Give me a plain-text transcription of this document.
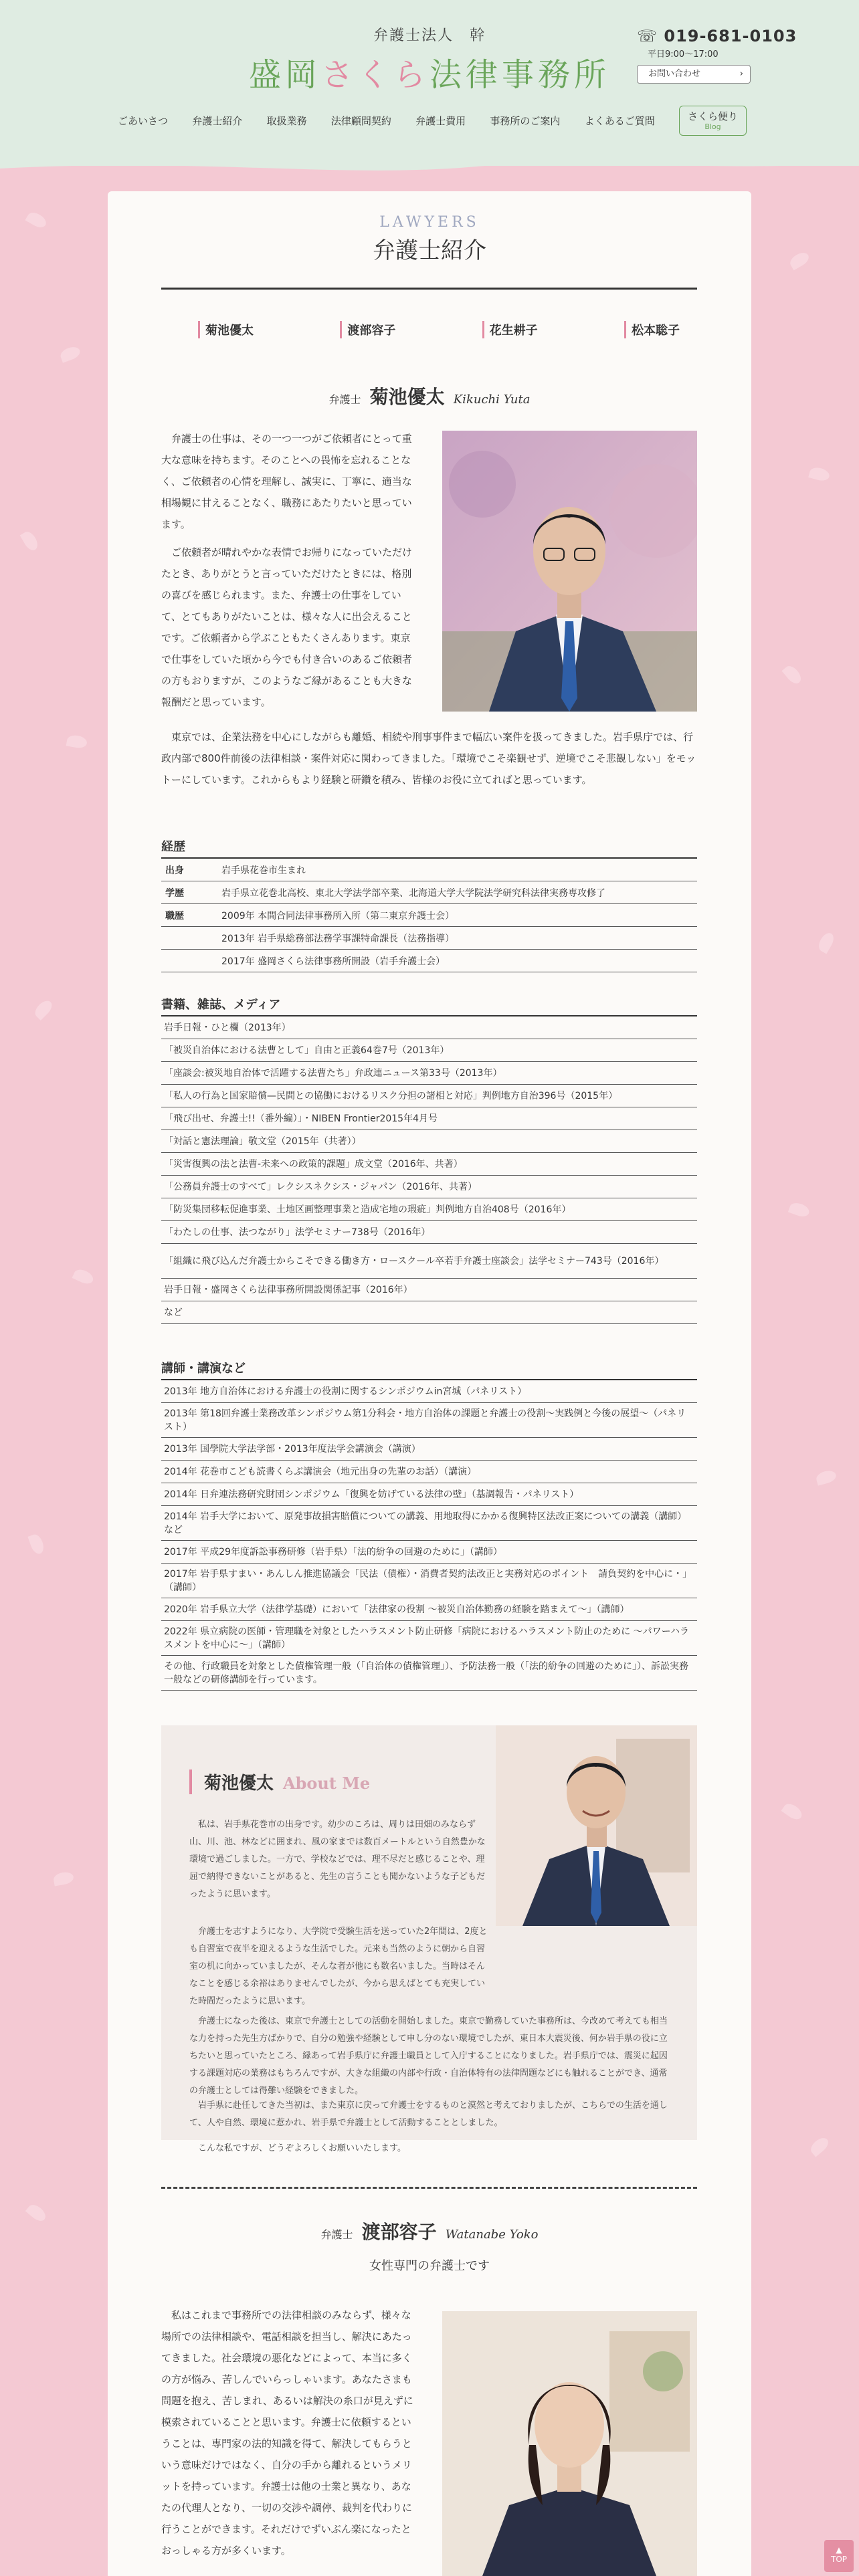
弁護士法人　幹
盛岡さくら法律事務所
☏ 019-681-0103
平日9:00〜17:00
お問い合わせ ›
ごあいさつ 弁護士紹介 取扱業務 法律顧問契約 弁護士費用 事務所のご案内 よくあるご質問	さくら便り
Blog
LAWYERS
弁護士紹介
菊池優太	渡部容子	花生耕子	松本聡子
弁護士 菊池優太 Kikuchi Yuta
弁護士の仕事は、その一つ一つがご依頼者にとって重大な意味を持ちます。そのことへの畏怖を忘れることなく、ご依頼者の心情を理解し、誠実に、丁寧に、適当な相場観に甘えることなく、職務にあたりたいと思っています。
ご依頼者が晴れやかな表情でお帰りになっていただけたとき、ありがとうと言っていただけたときには、格別の喜びを感じられます。また、弁護士の仕事をしていて、とてもありがたいことは、様々な人に出会えることです。ご依頼者から学ぶこともたくさんあります。東京で仕事をしていた頃から今でも付き合いのあるご依頼者の方もおりますが、このようなご縁があることも大きな報酬だと思っています。
東京では、企業法務を中心にしながらも離婚、相続や刑事事件まで幅広い案件を扱ってきました。岩手県庁では、行政内部で800件前後の法律相談・案件対応に関わってきました。「環境でこそ楽観せず、逆境でこそ悲観しない」をモットーにしています。これからもより経験と研鑽を積み、皆様のお役に立てればと思っています。
経歴
出身	岩手県花巻市生まれ
学歴	岩手県立花巻北高校、東北大学法学部卒業、北海道大学大学院法学研究科法律実務専攻修了
職歴	2009年 本間合同法律事務所入所（第二東京弁護士会）
2013年 岩手県総務部法務学事課特命課長（法務指導）
2017年 盛岡さくら法律事務所開設（岩手弁護士会）
書籍、雑誌、メディア
岩手日報・ひと欄（2013年）
「被災自治体における法曹として」自由と正義64巻7号（2013年）
「座談会:被災地自治体で活躍する法曹たち」弁政連ニュース第33号（2013年）
「私人の行為と国家賠償—民間との協働におけるリスク分担の諸相と対応」判例地方自治396号（2015年）
「飛び出せ、弁護士!!（番外編）」・NIBEN Frontier2015年4月号
「対話と憲法理論」敬文堂（2015年（共著））
「災害復興の法と法曹-未来への政策的課題」成文堂（2016年、共著）
「公務員弁護士のすべて」レクシスネクシス・ジャパン（2016年、共著）
「防災集団移転促進事業、土地区画整理事業と造成宅地の瑕疵」判例地方自治408号（2016年）
「わたしの仕事、法つながり」法学セミナー738号（2016年）
「組織に飛び込んだ弁護士からこそできる働き方・ロースクール卒若手弁護士座談会」法学セミナー743号（2016年）
岩手日報・盛岡さくら法律事務所開設関係記事（2016年）
など
講師・講演など
2013年 地方自治体における弁護士の役割に関するシンポジウムin宮城（パネリスト）
2013年 第18回弁護士業務改革シンポジウム第1分科会・地方自治体の課題と弁護士の役割〜実践例と今後の展望〜（パネリスト）
2013年 国學院大学法学部・2013年度法学会講演会（講演）
2014年 花巻市こども読書くらぶ講演会（地元出身の先輩のお話）（講演）
2014年 日弁連法務研究財団シンポジウム「復興を妨げている法律の壁」（基調報告・パネリスト）
2014年 岩手大学において、原発事故損害賠償についての講義、用地取得にかかる復興特区法改正案についての講義（講師）など
2017年 平成29年度訴訟事務研修（岩手県）「法的紛争の回避のために」（講師）
2017年 岩手県すまい・あんしん推進協議会「民法（債権）・消費者契約法改正と実務対応のポイント　請負契約を中心に・」（講師）
2020年 岩手県立大学（法律学基礎）において「法律家の役割 〜被災自治体勤務の経験を踏まえて〜」（講師）
2022年 県立病院の医師・管理職を対象としたハラスメント防止研修「病院におけるハラスメント防止のために 〜パワーハラスメントを中心に〜」（講師）
その他、行政職員を対象とした債権管理一般（「自治体の債権管理」）、予防法務一般（「法的紛争の回避のために」）、訴訟実務一般などの研修講師を行っています。
菊池優太 About Me
私は、岩手県花巻市の出身です。幼少のころは、周りは田畑のみならず山、川、池、林などに囲まれ、風の家までは数百メートルという自然豊かな環境で過ごしました。一方で、学校などでは、理不尽だと感じることや、理屈で納得できないことがあると、先生の言うことも聞かないような子どもだったように思います。
弁護士を志すようになり、大学院で受験生活を送っていた2年間は、2度とも自習室で夜半を迎えるような生活でした。元来も当然のように朝から自習室の机に向かっていましたが、そんな者が他にも数名いました。当時はそんなことを感じる余裕はありませんでしたが、今から思えばとても充実していた時間だったように思います。
弁護士になった後は、東京で弁護士としての活動を開始しました。東京で勤務していた事務所は、今改めて考えても相当な力を持った先生方ばかりで、自分の勉強や経験として申し分のない環境でしたが、東日本大震災後、何か岩手県の役に立ちたいと思っていたところ、縁あって岩手県庁に弁護士職員として入庁することになりました。岩手県庁では、震災に起因する課題対応の業務はもちろんですが、大きな組織の内部や行政・自治体特有の法律問題などにも触れることができ、通常の弁護士としては得難い経験をできました。
岩手県に赴任してきた当初は、また東京に戻って弁護士をするものと漠然と考えておりましたが、こちらでの生活を通して、人や自然、環境に惹かれ、岩手県で弁護士として活動することとしました。
こんな私ですが、どうぞよろしくお願いいたします。
弁護士 渡部容子 Watanabe Yoko
女性専門の弁護士です
私はこれまで事務所での法律相談のみならず、様々な場所での法律相談や、電話相談を担当し、解決にあたってきました。社会環境の悪化などによって、本当に多くの方が悩み、苦しんでいらっしゃいます。あなたさまも問題を抱え、苦しまれ、あるいは解決の糸口が見えずに模索されていることと思います。弁護士に依頼するということは、専門家の法的知識を得て、解決してもらうという意味だけではなく、自分の手から離れるというメリットを持っています。弁護士は他の士業と異なり、あなたの代理人となり、一切の交渉や調停、裁判を代わりに行うことができます。それだけでずいぶん楽になったとおっしゃる方が多くいます。	▲
TOP
